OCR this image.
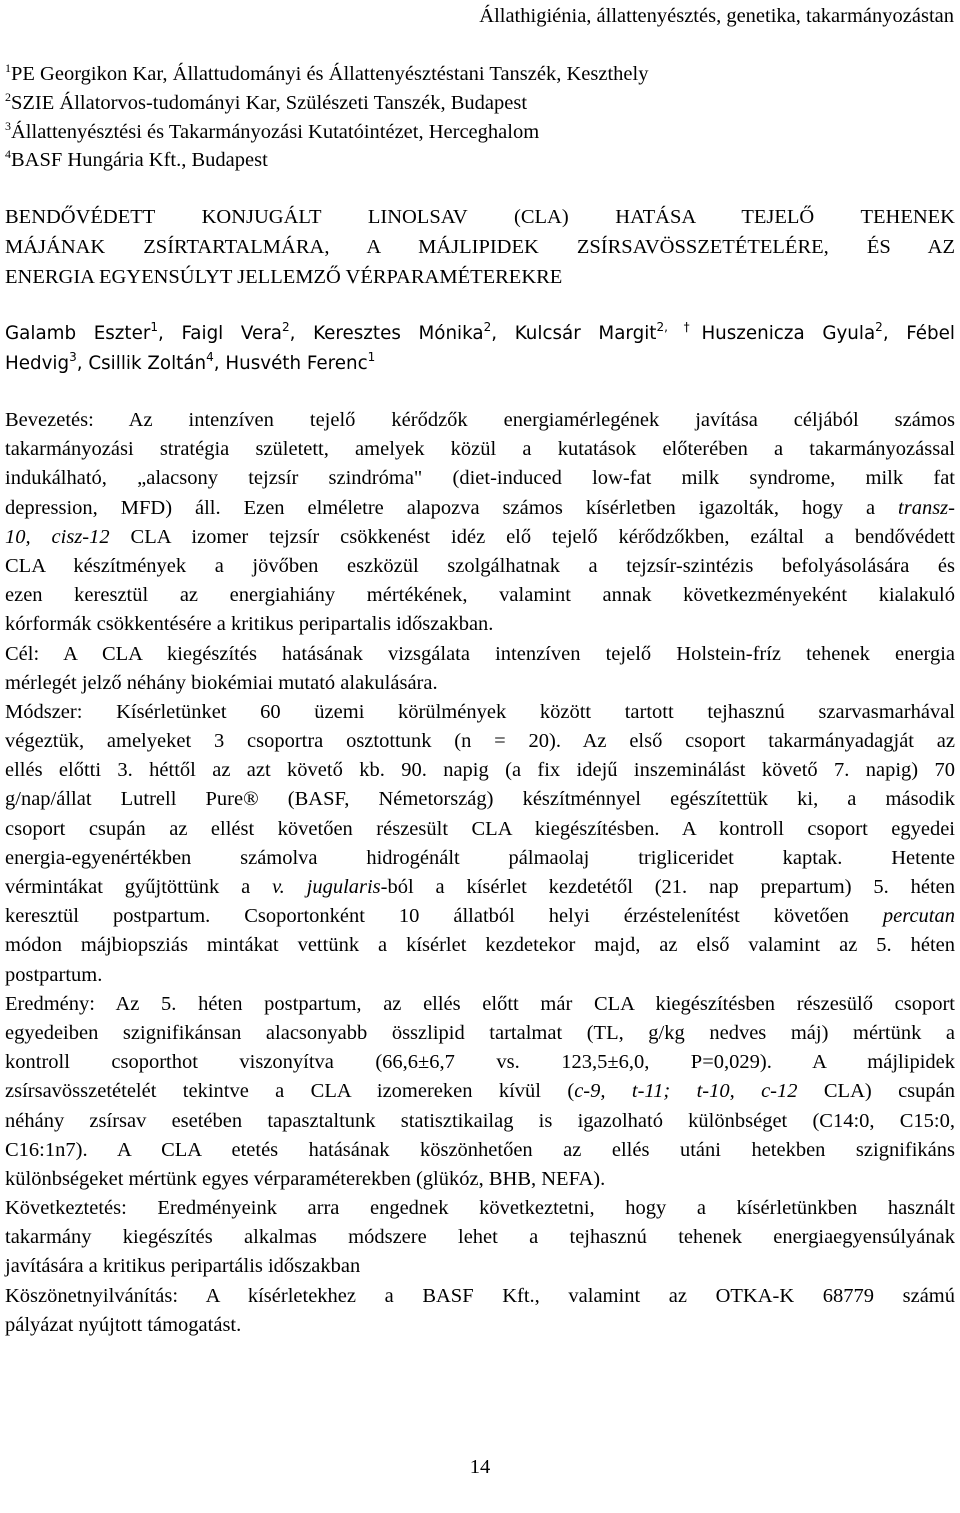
Állathigiénia, állattenyésztés, genetika, takarmányozástan
$^1$PE Georgikon Kar, Állattudományi és Állattenyésztéstani Tanszék, Keszthely
$^2$SZIE Állatorvos-tudományi Kar, Szülészeti Tanszék, Budapest
$^3$Állattenyésztési és Takarmányozási Kutatóintézet, Herceghalom
$^4$BASF Hungária Kft., Budapest
BENDŐVÉDETT KONJUGÁLT LINOLSAV (CLA) HATÁSA TEJELŐ TEHENEK
MÁJÁNAK ZSÍRTARTALMÁRA, A MÁJLIPIDEK ZSÍRSAVÖSSZETÉTELÉRE, ÉS AZ
ENERGIA EGYENSÚLYT JELLEMZŐ VÉRPARAMÉTEREKRE
Galamb Eszter$^1$, Faigl Vera$^2$, Keresztes Mónika$^2$, Kulcsár Margit$^{2, \dagger}$Huszenicza Gyula$^2$, Fébel
Hedvig$^3$, Csillik Zoltán$^4$, Husvéth Ferenc$^1$
Bevezetés: Az intenzíven tejelő kérődzők energiamérlegének javítása céljából számos
takarmányozási stratégia született, amelyek közül a kutatások előterében a takarmányozással
indukálható, „alacsony tejzsír szindróma" (diet-induced low-fat milk syndrome, milk fat
depression, MFD) áll. Ezen elméletre alapozva számos kísérletben igazolták, hogy a transz-
10, cisz-12 CLA izomer tejzsír csökkenést idéz elő tejelő kérődzőkben, ezáltal a bendővédett
CLA készítmények a jövőben eszközül szolgálhatnak a tejzsír-szintézis befolyásolására és
ezen keresztül az energiahiány mértékének, valamint annak következményeként kialakuló
kórformák csökkentésére a kritikus peripartalis időszakban.
Cél: A CLA kiegészítés hatásának vizsgálata intenzíven tejelő Holstein-fríz tehenek energia
mérlegét jelző néhány biokémiai mutató alakulására.
Módszer: Kísérletünket 60 üzemi körülmények között tartott tejhasznú szarvasmarhával
végeztük, amelyeket 3 csoportra osztottunk (n = 20). Az első csoport takarmányadagját az
ellés előtti 3. héttől az azt követő kb. 90. napig (a fix idejű inszeminálást követő 7. napig) 70
g/nap/állat Lutrell Pure® (BASF, Németország) készítménnyel egészítettük ki, a második
csoport csupán az ellést követően részesült CLA kiegészítésben. A kontroll csoport egyedei
energia-egyenértékben számolva hidrogénált pálmaolaj trigliceridet kaptak. Hetente
vérmintákat gyűjtöttünk a v. jugularis-ból a kísérlet kezdetétől (21. nap prepartum) 5. héten
keresztül postpartum. Csoportonként 10 állatból helyi érzéstelenítést követően percutan
módon májbiopsziás mintákat vettünk a kísérlet kezdetekor majd, az első valamint az 5. héten
postpartum.
Eredmény: Az 5. héten postpartum, az ellés előtt már CLA kiegészítésben részesülő csoport
egyedeiben szignifikánsan alacsonyabb összlipid tartalmat (TL, g/kg nedves máj) mértünk a
kontroll csoporthot viszonyítva (66,6±6,7 vs. 123,5±6,0, P=0,029). A májlipidek
zsírsavösszetételét tekintve a CLA izomereken kívül (c-9, t-11; t-10, c-12 CLA) csupán
néhány zsírsav esetében tapasztaltunk statisztikailag is igazolható különbséget (C14:0, C15:0,
C16:1n7). A CLA etetés hatásának köszönhetően az ellés utáni hetekben szignifikáns
különbségeket mértünk egyes vérparaméterekben (glükóz, BHB, NEFA).
Következtetés: Eredményeink arra engednek következtetni, hogy a kísérletünkben használt
takarmány kiegészítés alkalmas módszere lehet a tejhasznú tehenek energiaegyensúlyának
javítására a kritikus peripartális időszakban
Köszönetnyilvánítás: A kísérletekhez a BASF Kft., valamint az OTKA-K 68779 számú
pályázat nyújtott támogatást.
14
